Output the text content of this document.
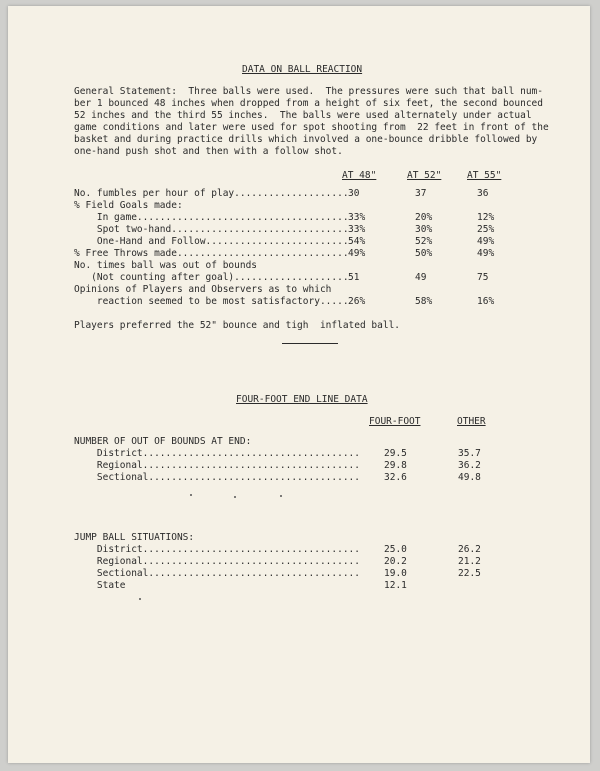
DATA ON BALL REACTION
General Statement:  Three balls were used.  The pressures were such that ball num-
ber 1 bounced 48 inches when dropped from a height of six feet, the second bounced
52 inches and the third 55 inches.  The balls were used alternately under actual
game conditions and later were used for spot shooting from  22 feet in front of the
basket and during practice drills which involved a one-bounce dribble followed by
one-hand push shot and then with a follow shot.
AT 48"	AT 52"	AT 55"
No. fumbles per hour of play.................... 30	37	36
% Field Goals made:
In game..................................... 33%	20%	12%
Spot two-hand............................... 33%	30%	25%
One-Hand and Follow......................... 54%	52%	49%
% Free Throws made.............................. 49%	50%	49%
No. times ball was out of bounds
(Not counting after goal).................... 51	49	75
Opinions of Players and Observers as to which
reaction seemed to be most satisfactory..... 26%	58%	16%
Players preferred the 52" bounce and tigh  inflated ball.
FOUR-FOOT END LINE DATA
FOUR-FOOT	OTHER
NUMBER OF OUT OF BOUNDS AT END:
District......................................	29.5	35.7
Regional......................................	29.8	36.2
Sectional.....................................	32.6	49.8
JUMP BALL SITUATIONS:
District......................................	25.0	26.2
Regional......................................	20.2	21.2
Sectional.....................................	19.0	22.5
State	12.1
